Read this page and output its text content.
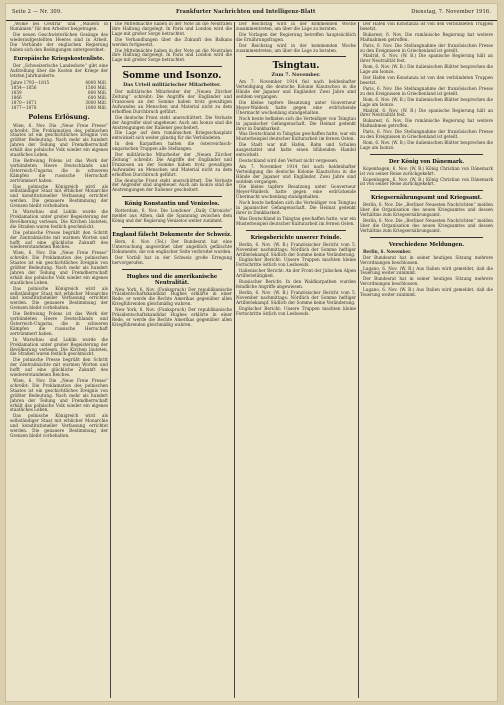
Seite 2 — Nr. 309.	Frankfurter Nachrichten und Intelligenz-Blatt	Dienstag, 7. November 1916.

„Wolke bei Cesdria“ und „Mauern in Rumänien“ für den Arbeiter beigetragen.

Die neuen Geschwisterlichen Gesänge des wiederaufgestellten Heeres sind in Arbeit. Die Verbände der englischen Regierung haben sich den Bedingungen untergeordnet.

Europäische Kriegskostenliste.

Der „Schweizerische Landesbote“ gibt eine Aufstellung über die Kosten der Kriege der letzten Jahrhunderte.

Jahre 1793—1815	4000 Mill.
1854—1856	1500 Mill.
1859	800 Mill.
1866	600 Mill.
1870—1871	3000 Mill.
1877—1878	1800 Mill.
Polens Erlösung.

Wien, 6. Nov. Die „Neue Freie Presse“ schreibt: Die Proklamation des polnischen Staates ist ein geschichtliches Ereignis von größter Bedeutung. Nach mehr als hundert Jahren der Teilung und Fremdherrschaft erhält das polnische Volk wieder ein eigenes staatliches Leben.

Die Befreiung Polens ist das Werk der verbündeten Heere Deutschlands und Österreich-Ungarns, die in schweren Kämpfen die russische Herrschaft zertrümmert haben.

Das polnische Königreich wird als selbständiger Staat mit erblicher Monarchie und konstitutioneller Verfassung errichtet werden. Die genauere Bestimmung der Grenzen bleibt vorbehalten.

In Warschau und Lublin wurde die Proklamation unter großer Begeisterung der Bevölkerung verlesen. Die Kirchen läuteten, die Straßen waren festlich geschmückt.

Die polnische Presse begrüßt den Schritt der Zentralmächte mit warmen Worten und hofft auf eine glückliche Zukunft des wiedererstandenen Reiches.

Wien, 6. Nov. Die „Neue Freie Presse“ schreibt: Die Proklamation des polnischen Staates ist ein geschichtliches Ereignis von größter Bedeutung. Nach mehr als hundert Jahren der Teilung und Fremdherrschaft erhält das polnische Volk wieder ein eigenes staatliches Leben.

Das polnische Königreich wird als selbständiger Staat mit erblicher Monarchie und konstitutioneller Verfassung errichtet werden. Die genauere Bestimmung der Grenzen bleibt vorbehalten.

Die Befreiung Polens ist das Werk der verbündeten Heere Deutschlands und Österreich-Ungarns, die in schweren Kämpfen die russische Herrschaft zertrümmert haben.

In Warschau und Lublin wurde die Proklamation unter großer Begeisterung der Bevölkerung verlesen. Die Kirchen läuteten, die Straßen waren festlich geschmückt.

Die polnische Presse begrüßt den Schritt der Zentralmächte mit warmen Worten und hofft auf eine glückliche Zukunft des wiedererstandenen Reiches.

Wien, 6. Nov. Die „Neue Freie Presse“ schreibt: Die Proklamation des polnischen Staates ist ein geschichtliches Ereignis von größter Bedeutung. Nach mehr als hundert Jahren der Teilung und Fremdherrschaft erhält das polnische Volk wieder ein eigenes staatliches Leben.

Das polnische Königreich wird als selbständiger Staat mit erblicher Monarchie und konstitutioneller Verfassung errichtet werden. Die genauere Bestimmung der Grenzen bleibt vorbehalten.

Die Mittelmächte haben in der Note an die Neutralen ihre Haltung dargelegt. In Paris und London wird die Lage mit großer Sorge betrachtet.

Die Verhandlungen über die Zukunft des Balkans werden fortgesetzt.

Die Mittelmächte haben in der Note an die Neutralen ihre Haltung dargelegt. In Paris und London wird die Lage mit großer Sorge betrachtet.

Somme und Isonzo.
Das Urteil militärischer Mitarbeiter.

Der militärische Mitarbeiter der „Neuen Zürcher Zeitung“ schreibt: Die Angriffe der Engländer und Franzosen an der Somme haben trotz gewaltigen Aufwandes an Menschen und Material nicht zu dem erhofften Durchbruch geführt.

Die deutsche Front steht unerschüttert. Die Verluste der Angreifer sind ungeheuer. Auch am Isonzo sind die Anstrengungen der Italiener gescheitert.

Die Lage auf dem rumänischen Kriegsschauplatz entwickelt sich weiter günstig für die Verbündeten.

In den Karpathen halten die österreichisch-ungarischen Truppen alle Stellungen.

Der militärische Mitarbeiter der „Neuen Zürcher Zeitung“ schreibt: Die Angriffe der Engländer und Franzosen an der Somme haben trotz gewaltigen Aufwandes an Menschen und Material nicht zu dem erhofften Durchbruch geführt.

Die deutsche Front steht unerschüttert. Die Verluste der Angreifer sind ungeheuer. Auch am Isonzo sind die Anstrengungen der Italiener gescheitert.

König Konstantin und Venizelos.

Rotterdam, 6. Nov. Die Londoner „Daily Chronicle“ meldet aus Athen, daß die Spannung zwischen dem König und der Regierung Venizelos weiter zunimmt.

England fälscht Dokumente der Schweiz.

Bern, 6. Nov. (Tel.) Der Bundesrat hat eine Untersuchung angeordnet über angeblich gefälschte Dokumente, die von englischer Seite verbreitet wurden.

Der Vorfall hat in der Schweiz große Erregung hervorgerufen.

Hughes und die amerikanische Neutralität.

New York, 6. Nov. (Funkspruch) Der republikanische Präsidentschaftskandidat Hughes erklärte in einer Rede, er werde die Rechte Amerikas gegenüber allen Kriegführenden gleichmäßig wahren.

New York, 6. Nov. (Funkspruch) Der republikanische Präsidentschaftskandidat Hughes erklärte in einer Rede, er werde die Rechte Amerikas gegenüber allen Kriegführenden gleichmäßig wahren.

Der Reichstag wird in der kommenden Woche zusammentreten, um über die Lage zu beraten.

Die Vorlagen der Regierung betreffen hauptsächlich die Ernährungsfragen.

Der Reichstag wird in der kommenden Woche zusammentreten, um über die Lage zu beraten.

Tsingtau.
Zum 7. November.

Am 7. November 1914 fiel nach heldenhafter Verteidigung die deutsche Kolonie Kiautschou in die Hände der Japaner und Engländer. Zwei Jahre sind seitdem vergangen.

Die kleine tapfere Besatzung unter Gouverneur Meyer-Waldeck hatte gegen eine erdrückende Übermacht wochenlang standgehalten.

Noch heute befinden sich die Verteidiger von Tsingtau in japanischer Gefangenschaft. Die Heimat gedenkt ihrer in Dankbarkeit.

Was Deutschland in Tsingtau geschaffen hatte, war ein Musterbeispiel deutscher Kulturarbeit im fernen Osten.

Die Stadt war mit Hafen, Bahn und Schulen ausgestattet und hatte einen blühenden Handel entwickelt.

Deutschland wird den Verlust nicht vergessen.

Am 7. November 1914 fiel nach heldenhafter Verteidigung die deutsche Kolonie Kiautschou in die Hände der Japaner und Engländer. Zwei Jahre sind seitdem vergangen.

Die kleine tapfere Besatzung unter Gouverneur Meyer-Waldeck hatte gegen eine erdrückende Übermacht wochenlang standgehalten.

Noch heute befinden sich die Verteidiger von Tsingtau in japanischer Gefangenschaft. Die Heimat gedenkt ihrer in Dankbarkeit.

Was Deutschland in Tsingtau geschaffen hatte, war ein Musterbeispiel deutscher Kulturarbeit im fernen Osten.

Kriegsberichte unserer Feinde.

Berlin, 6. Nov. (W. B.) Französischer Bericht vom 5. November nachmittags: Nördlich der Somme heftiger Artilleriekampf. Südlich der Somme keine Veränderung.

Englischer Bericht: Unsere Truppen machten kleine Fortschritte östlich von Lesboeufs.

Italienischer Bericht: An der Front der Julischen Alpen Artillerietätigkeit.

Russischer Bericht: In den Waldkarpathen wurden feindliche Angriffe abgewiesen.

Berlin, 6. Nov. (W. B.) Französischer Bericht vom 5. November nachmittags: Nördlich der Somme heftiger Artilleriekampf. Südlich der Somme keine Veränderung.

Englischer Bericht: Unsere Truppen machten kleine Fortschritte östlich von Lesboeufs.

Der Hafen von Konstanza ist von den verbündeten Truppen besetzt.

Bukarest, 6. Nov. Die rumänische Regierung hat weitere Maßnahmen getroffen.

Paris, 6. Nov. Die Stellungnahme der französischen Presse zu den Ereignissen in Griechenland ist geteilt.

Madrid, 6. Nov. (W. B.) Die spanische Regierung hält an ihrer Neutralität fest.

Rom, 6. Nov. (W. B.) Die italienischen Blätter besprechen die Lage am Isonzo.

Der Hafen von Konstanza ist von den verbündeten Truppen besetzt.

Paris, 6. Nov. Die Stellungnahme der französischen Presse zu den Ereignissen in Griechenland ist geteilt.

Rom, 6. Nov. (W. B.) Die italienischen Blätter besprechen die Lage am Isonzo.

Madrid, 6. Nov. (W. B.) Die spanische Regierung hält an ihrer Neutralität fest.

Bukarest, 6. Nov. Die rumänische Regierung hat weitere Maßnahmen getroffen.

Paris, 6. Nov. Die Stellungnahme der französischen Presse zu den Ereignissen in Griechenland ist geteilt.

Rom, 6. Nov. (W. B.) Die italienischen Blätter besprechen die Lage am Isonzo.

Der König von Dänemark.

Kopenhagen, 6. Nov. (W. B.) König Christian von Dänemark ist von seiner Reise zurückgekehrt.

Kopenhagen, 6. Nov. (W. B.) König Christian von Dänemark ist von seiner Reise zurückgekehrt.

Kriegsernährungsamt und Kriegsamt.

Berlin, 6. Nov. Die „Berliner Neuesten Nachrichten“ melden über die Organisation des neuen Kriegsamtes und dessen Verhältnis zum Kriegsernährungsamt.

Berlin, 6. Nov. Die „Berliner Neuesten Nachrichten“ melden über die Organisation des neuen Kriegsamtes und dessen Verhältnis zum Kriegsernährungsamt.

Verschiedene Meldungen.

Berlin, 6. November.

Der Bundesrat hat in seiner heutigen Sitzung mehrere Verordnungen beschlossen.

Lugano, 6. Nov. (W. B.) Aus Italien wird gemeldet, daß die Teuerung weiter zunimmt.

Der Bundesrat hat in seiner heutigen Sitzung mehrere Verordnungen beschlossen.

Lugano, 6. Nov. (W. B.) Aus Italien wird gemeldet, daß die Teuerung weiter zunimmt.
